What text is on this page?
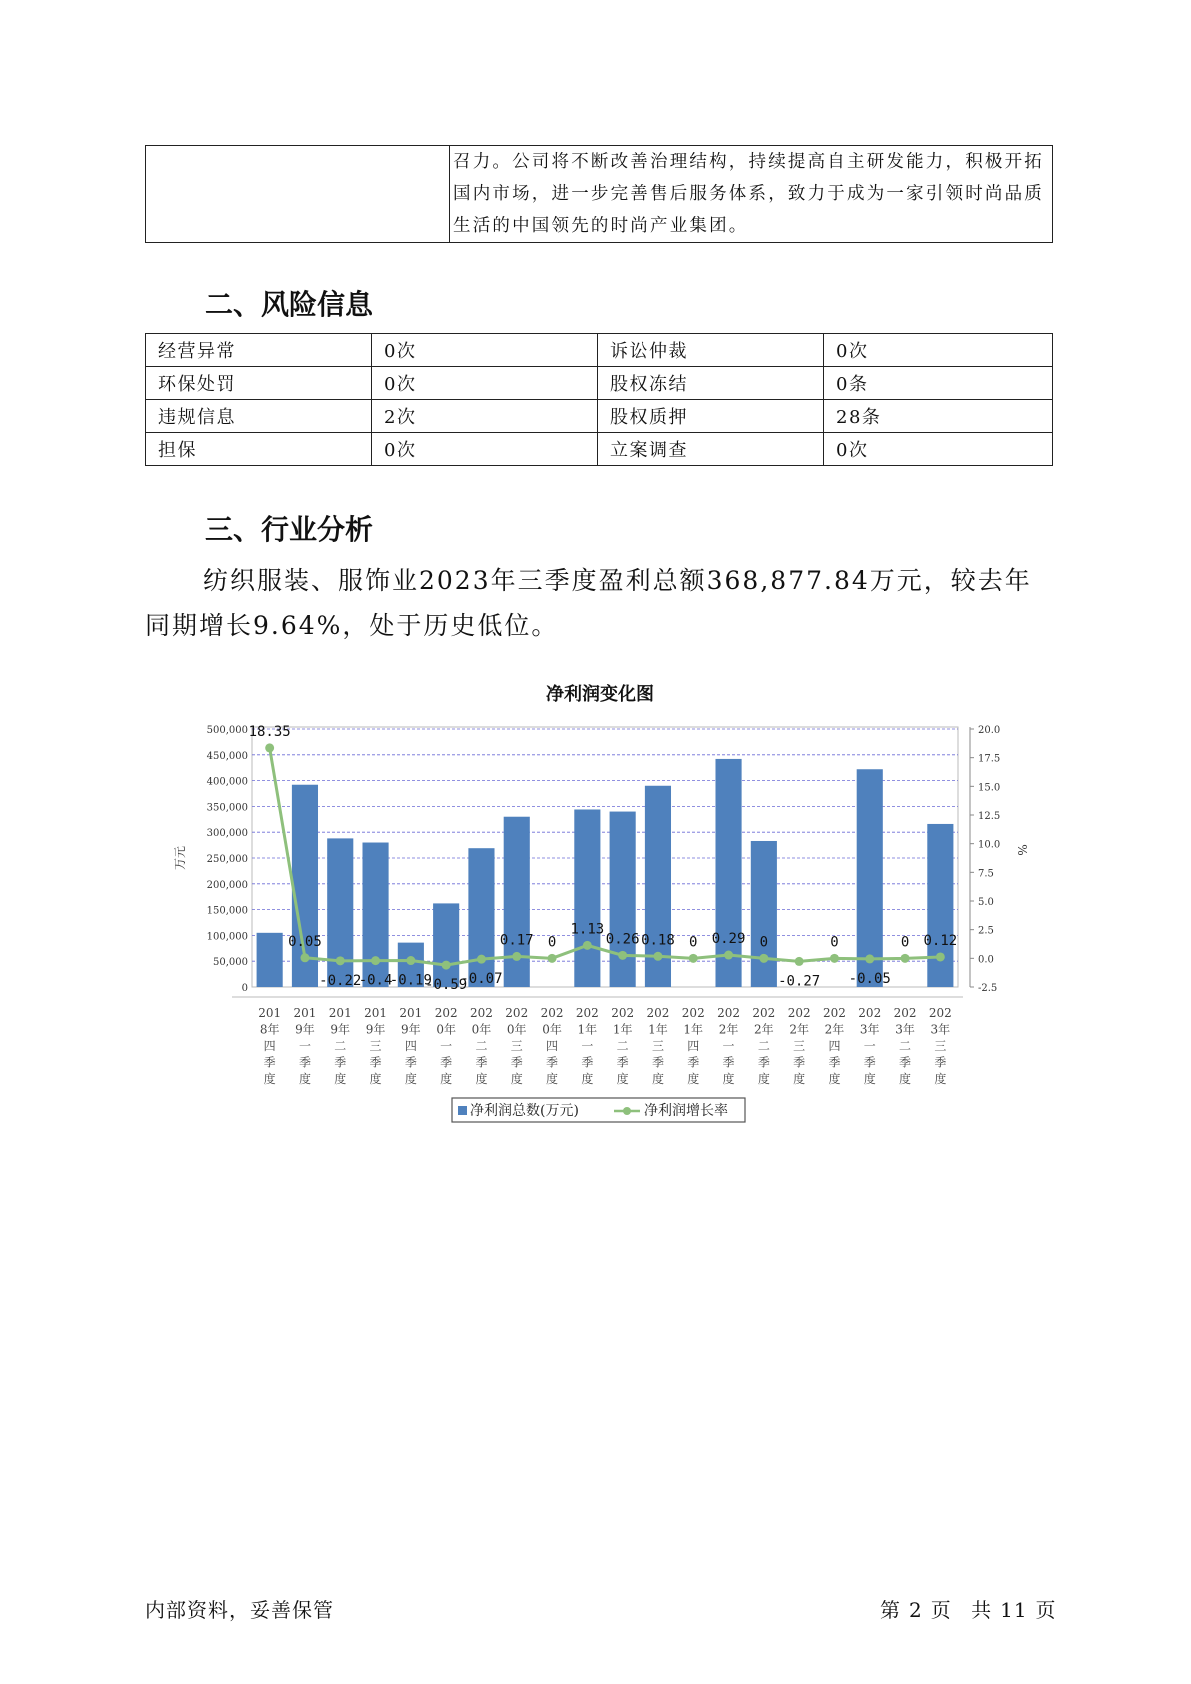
召力。公司将不断改善治理结构，持续提高自主研发能力，积极开拓
国内市场，进一步完善售后服务体系，致力于成为一家引领时尚品质
生活的中国领先的时尚产业集团。
二、风险信息
经营异常	0次	诉讼仲裁	0次
环保处罚	0次	股权冻结	0条
违规信息	2次	股权质押	28条
担保	0次	立案调查	0次
三、行业分析

纺织服装、服饰业2023年三季度盈利总额368,877.84万元，较去年同期增长9.64%，处于历史低位。

净利润变化图
0
50,000
100,000
150,000
200,000
250,000
300,000
350,000
400,000
450,000
500,000
万元
-2.5
0.0
2.5
5.0
7.5
10.0
12.5
15.0
17.5
20.0
%
201
8年
四
季
度
201
9年
一
季
度
201
9年
二
季
度
201
9年
三
季
度
201
9年
四
季
度
202
0年
一
季
度
202
0年
二
季
度
202
0年
三
季
度
202
0年
四
季
度
202
1年
一
季
度
202
1年
二
季
度
202
1年
三
季
度
202
1年
四
季
度
202
2年
一
季
度
202
2年
二
季
度
202
2年
三
季
度
202
2年
四
季
度
202
3年
一
季
度
202
3年
二
季
度
202
3年
三
季
度
18.35
0.05
-0.22
-0.4
-0.19
-0.59
-0.07
0.17 0
1.13
0.26 0.18 0 0.29 0
-0.27
0
-0.05
0 0.12
净利润总数(万元)	净利润增长率
内部资料，妥善保管	第 2 页 共 11 页
